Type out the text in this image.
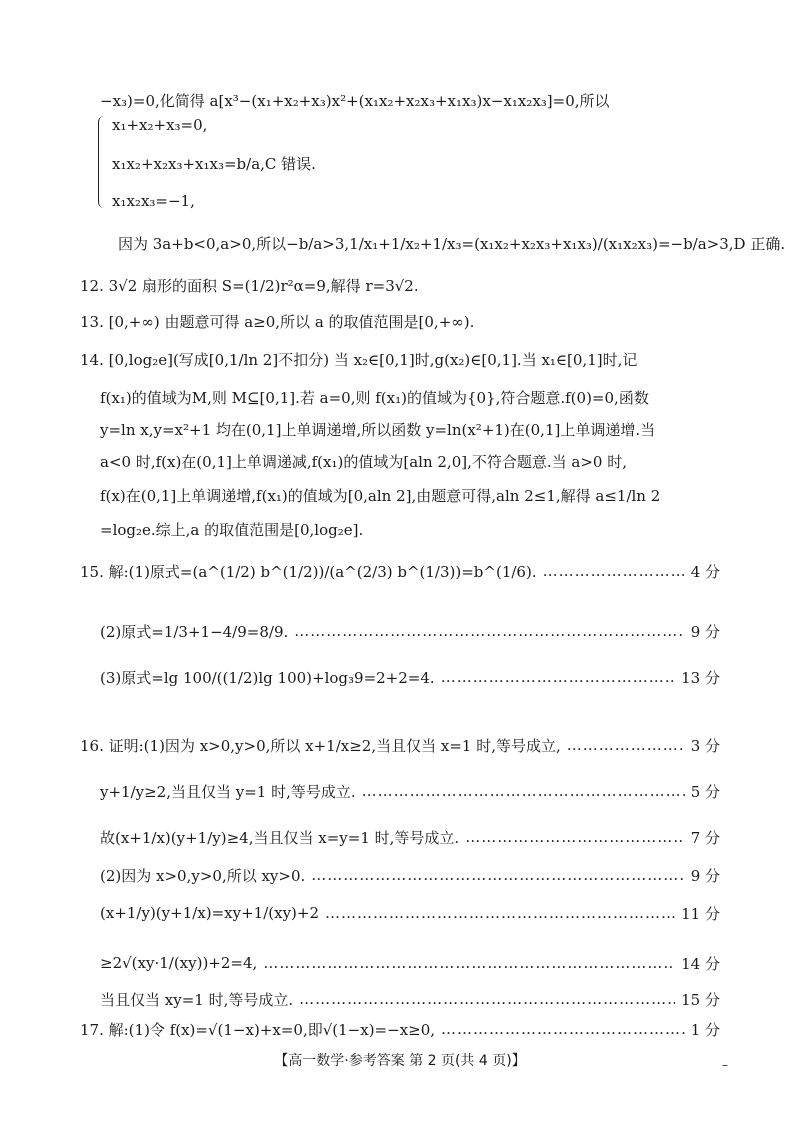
−x₃)=0,化简得 a[x³−(x₁+x₂+x₃)x²+(x₁x₂+x₂x₃+x₁x₃)x−x₁x₂x₃]=0,所以
x₁+x₂+x₃=0,
x₁x₂+x₂x₃+x₁x₃=b/a,C 错误.
x₁x₂x₃=−1,
因为 3a+b<0,a>0,所以−b/a>3,1/x₁+1/x₂+1/x₃=(x₁x₂+x₂x₃+x₁x₃)/(x₁x₂x₃)=−b/a>3,D 正确.
12. 3√2 扇形的面积 S=(1/2)r²α=9,解得 r=3√2.
13. [0,+∞) 由题意可得 a≥0,所以 a 的取值范围是[0,+∞).
14. [0,log₂e](写成[0,1/ln 2]不扣分) 当 x₂∈[0,1]时,g(x₂)∈[0,1].当 x₁∈[0,1]时,记
f(x₁)的值域为M,则 M⊆[0,1].若 a=0,则 f(x₁)的值域为{0},符合题意.f(0)=0,函数
y=ln x,y=x²+1 均在(0,1]上单调递增,所以函数 y=ln(x²+1)在(0,1]上单调递增.当
a<0 时,f(x)在(0,1]上单调递减,f(x₁)的值域为[aln 2,0],不符合题意.当 a>0 时,
f(x)在(0,1]上单调递增,f(x₁)的值域为[0,aln 2],由题意可得,aln 2≤1,解得 a≤1/ln 2
=log₂e.综上,a 的取值范围是[0,log₂e].
15. 解:(1)原式=(a^(1/2) b^(1/2))/(a^(2/3) b^(1/3))=b^(1/6). …………………………………………………………………………………………………………………………………………………………………………	4 分
(2)原式=1/3+1−4/9=8/9. …………………………………………………………………………………………………………………………………………………………………………	9 分
(3)原式=lg 100/((1/2)lg 100)+log₃9=2+2=4. …………………………………………………………………………………………………………………………………………………………………………	13 分
16. 证明:(1)因为 x>0,y>0,所以 x+1/x≥2,当且仅当 x=1 时,等号成立, …………………………………………………………………………………………………………………………………………………………………………	3 分
y+1/y≥2,当且仅当 y=1 时,等号成立. …………………………………………………………………………………………………………………………………………………………………………	5 分
故(x+1/x)(y+1/y)≥4,当且仅当 x=y=1 时,等号成立. …………………………………………………………………………………………………………………………………………………………………………	7 分
(2)因为 x>0,y>0,所以 xy>0. …………………………………………………………………………………………………………………………………………………………………………	9 分
(x+1/y)(y+1/x)=xy+1/(xy)+2 …………………………………………………………………………………………………………………………………………………………………………	11 分
≥2√(xy·1/(xy))+2=4, …………………………………………………………………………………………………………………………………………………………………………	14 分
当且仅当 xy=1 时,等号成立. …………………………………………………………………………………………………………………………………………………………………………	15 分
17. 解:(1)令 f(x)=√(1−x)+x=0,即√(1−x)=−x≥0, …………………………………………………………………………………………………………………………………………………………………………	1 分
【高一数学·参考答案 第 2 页(共 4 页)】	–
